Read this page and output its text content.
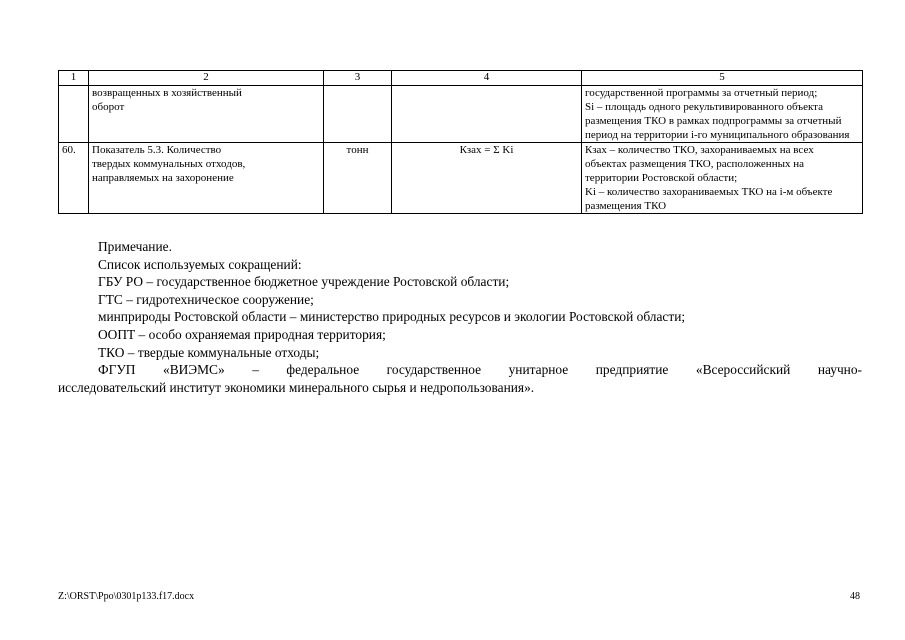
1	2	3	4	5
	возвращенных в хозяйственный
оборот			государственной программы за отчетный период;
Si – площадь одного рекультивированного объекта
размещения ТКО в рамках подпрограммы за отчетный
период на территории i-го муниципального образования
60.	Показатель 5.3. Количество
твердых коммунальных отходов,
направляемых на захоронение	тонн	Кзах = Σ Ki	Кзах – количество ТКО, захораниваемых на всех
объектах размещения ТКО, расположенных на
территории Ростовской области;
Ki – количество захораниваемых ТКО на i-м объекте
размещения ТКО

Примечание.

Список используемых сокращений:

ГБУ РО – государственное бюджетное учреждение Ростовской области;

ГТС – гидротехническое сооружение;

минприроды Ростовской области – министерство природных ресурсов и экологии Ростовской области;

ООПТ – особо охраняемая природная территория;

ТКО – твердые коммунальные отходы;

ФГУП «ВИЭМС» – федеральное государственное унитарное предприятие «Всероссийский научно-

исследовательский институт экономики минерального сырья и недропользования».

Z:\ORST\Ppo\0301p133.f17.docx	48
